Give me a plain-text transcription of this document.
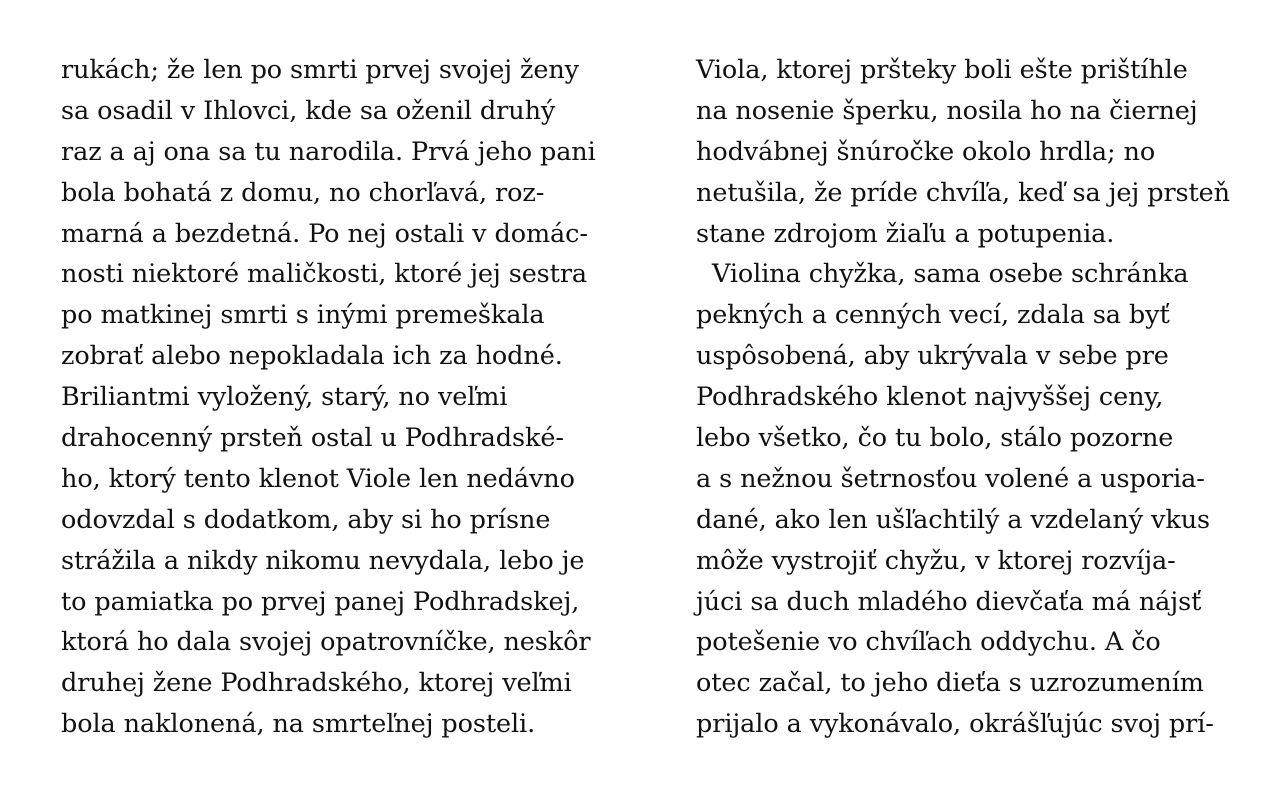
rukách; že len po smrti prvej svojej ženy
sa osadil v Ihlovci, kde sa oženil druhý
raz a aj ona sa tu narodila. Prvá jeho pani
bola bohatá z domu, no chorľavá, roz-
marná a bezdetná. Po nej ostali v domác-
nosti niektoré maličkosti, ktoré jej sestra
po matkinej smrti s inými premeškala
zobrať alebo nepokladala ich za hodné.
Briliantmi vyložený, starý, no veľmi
drahocenný prsteň ostal u Podhradské-
ho, ktorý tento klenot Viole len nedávno
odovzdal s dodatkom, aby si ho prísne
strážila a nikdy nikomu nevydala, lebo je
to pamiatka po prvej panej Podhradskej,
ktorá ho dala svojej opatrovníčke, neskôr
druhej žene Podhradského, ktorej veľmi
bola naklonená, na smrteľnej posteli.
Viola, ktorej pršteky boli ešte prištíhle
na nosenie šperku, nosila ho na čiernej
hodvábnej šnúročke okolo hrdla; no
netušila, že príde chvíľa, keď sa jej prsteň
stane zdrojom žiaľu a potupenia.
Violina chyžka, sama osebe schránka
pekných a cenných vecí, zdala sa byť
uspôsobená, aby ukrývala v sebe pre
Podhradského klenot najvyššej ceny,
lebo všetko, čo tu bolo, stálo pozorne
a s nežnou šetrnosťou volené a usporia-
dané, ako len ušľachtilý a vzdelaný vkus
môže vystrojiť chyžu, v ktorej rozvíja-
júci sa duch mladého dievčaťa má nájsť
potešenie vo chvíľach oddychu. A čo
otec začal, to jeho dieťa s uzrozumením
prijalo a vykonávalo, okrášľujúc svoj prí-
